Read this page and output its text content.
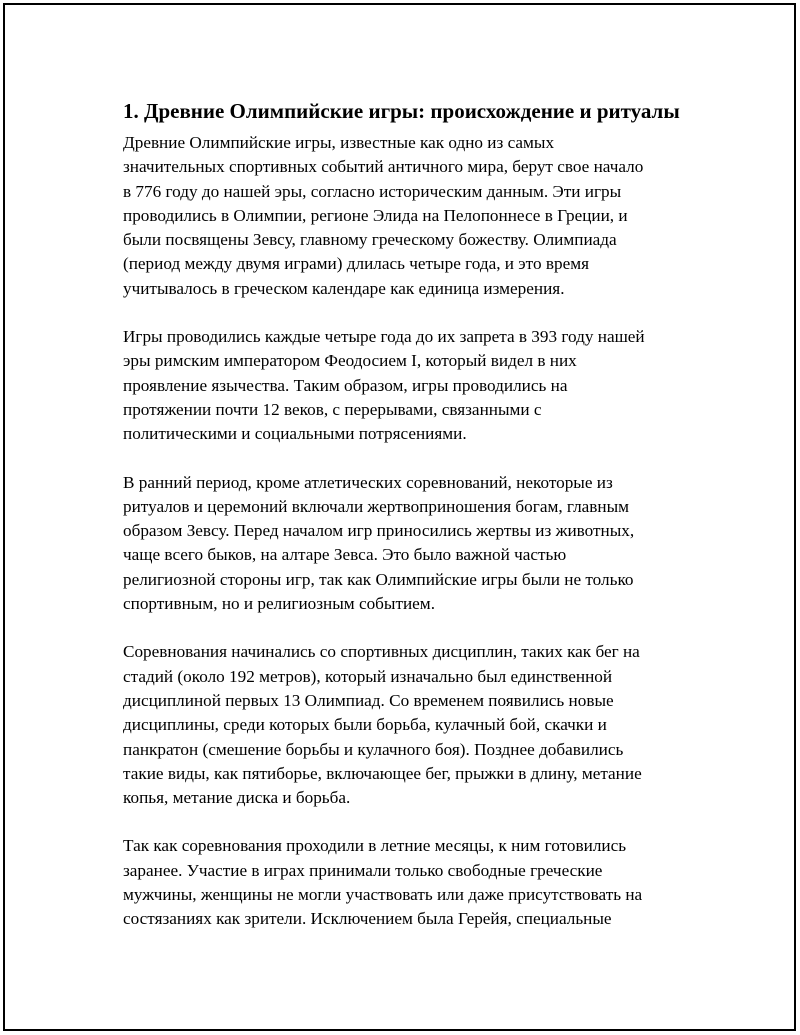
1. Древние Олимпийские игры: происхождение и ритуалы

Древние Олимпийские игры, известные как одно из самых
значительных спортивных событий античного мира, берут свое начало
в 776 году до нашей эры, согласно историческим данным. Эти игры
проводились в Олимпии, регионе Элида на Пелопоннесе в Греции, и
были посвящены Зевсу, главному греческому божеству. Олимпиада
(период между двумя играми) длилась четыре года, и это время
учитывалось в греческом календаре как единица измерения.

Игры проводились каждые четыре года до их запрета в 393 году нашей
эры римским императором Феодосием I, который видел в них
проявление язычества. Таким образом, игры проводились на
протяжении почти 12 веков, с перерывами, связанными с
политическими и социальными потрясениями.

В ранний период, кроме атлетических соревнований, некоторые из
ритуалов и церемоний включали жертвоприношения богам, главным
образом Зевсу. Перед началом игр приносились жертвы из животных,
чаще всего быков, на алтаре Зевса. Это было важной частью
религиозной стороны игр, так как Олимпийские игры были не только
спортивным, но и религиозным событием.

Соревнования начинались со спортивных дисциплин, таких как бег на
стадий (около 192 метров), который изначально был единственной
дисциплиной первых 13 Олимпиад. Со временем появились новые
дисциплины, среди которых были борьба, кулачный бой, скачки и
панкратон (смешение борьбы и кулачного боя). Позднее добавились
такие виды, как пятиборье, включающее бег, прыжки в длину, метание
копья, метание диска и борьба.

Так как соревнования проходили в летние месяцы, к ним готовились
заранее. Участие в играх принимали только свободные греческие
мужчины, женщины не могли участвовать или даже присутствовать на
состязаниях как зрители. Исключением была Герейя, специальные
